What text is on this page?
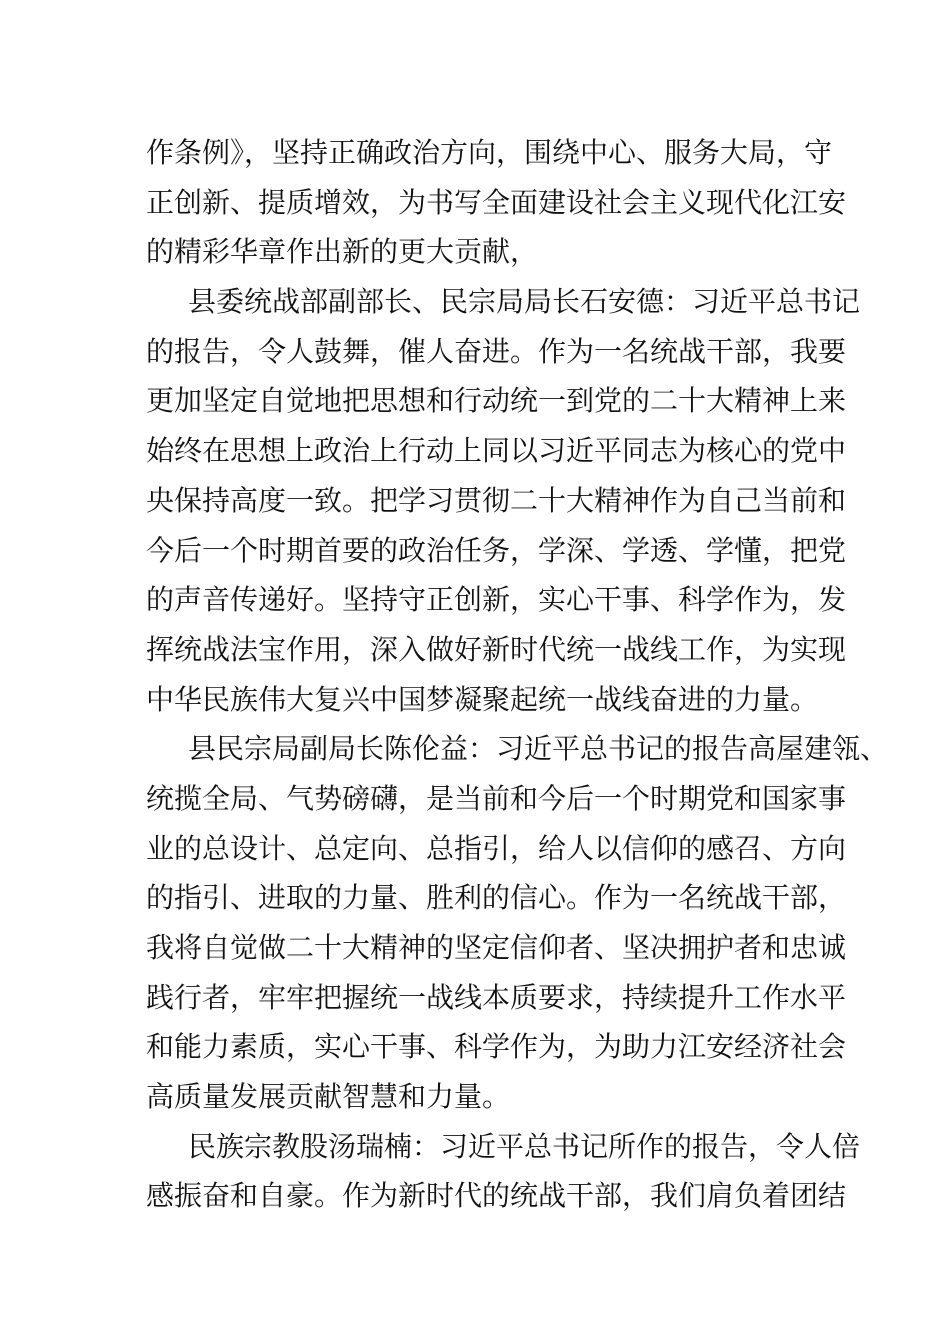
作条例》，坚持正确政治方向，围绕中心、服务大局，守
正创新、提质增效，为书写全面建设社会主义现代化江安
的精彩华章作出新的更大贡献，
县委统战部副部长、民宗局局长石安德：习近平总书记
的报告，令人鼓舞，催人奋进。作为一名统战干部，我要
更加坚定自觉地把思想和行动统一到党的二十大精神上来
始终在思想上政治上行动上同以习近平同志为核心的党中
央保持高度一致。把学习贯彻二十大精神作为自己当前和
今后一个时期首要的政治任务，学深、学透、学懂，把党
的声音传递好。坚持守正创新，实心干事、科学作为，发
挥统战法宝作用，深入做好新时代统一战线工作，为实现
中华民族伟大复兴中国梦凝聚起统一战线奋进的力量。
县民宗局副局长陈伦益：习近平总书记的报告高屋建瓴、
统揽全局、气势磅礴，是当前和今后一个时期党和国家事
业的总设计、总定向、总指引，给人以信仰的感召、方向
的指引、进取的力量、胜利的信心。作为一名统战干部，
我将自觉做二十大精神的坚定信仰者、坚决拥护者和忠诚
践行者，牢牢把握统一战线本质要求，持续提升工作水平
和能力素质，实心干事、科学作为，为助力江安经济社会
高质量发展贡献智慧和力量。
民族宗教股汤瑞楠：习近平总书记所作的报告，令人倍
感振奋和自豪。作为新时代的统战干部，我们肩负着团结
